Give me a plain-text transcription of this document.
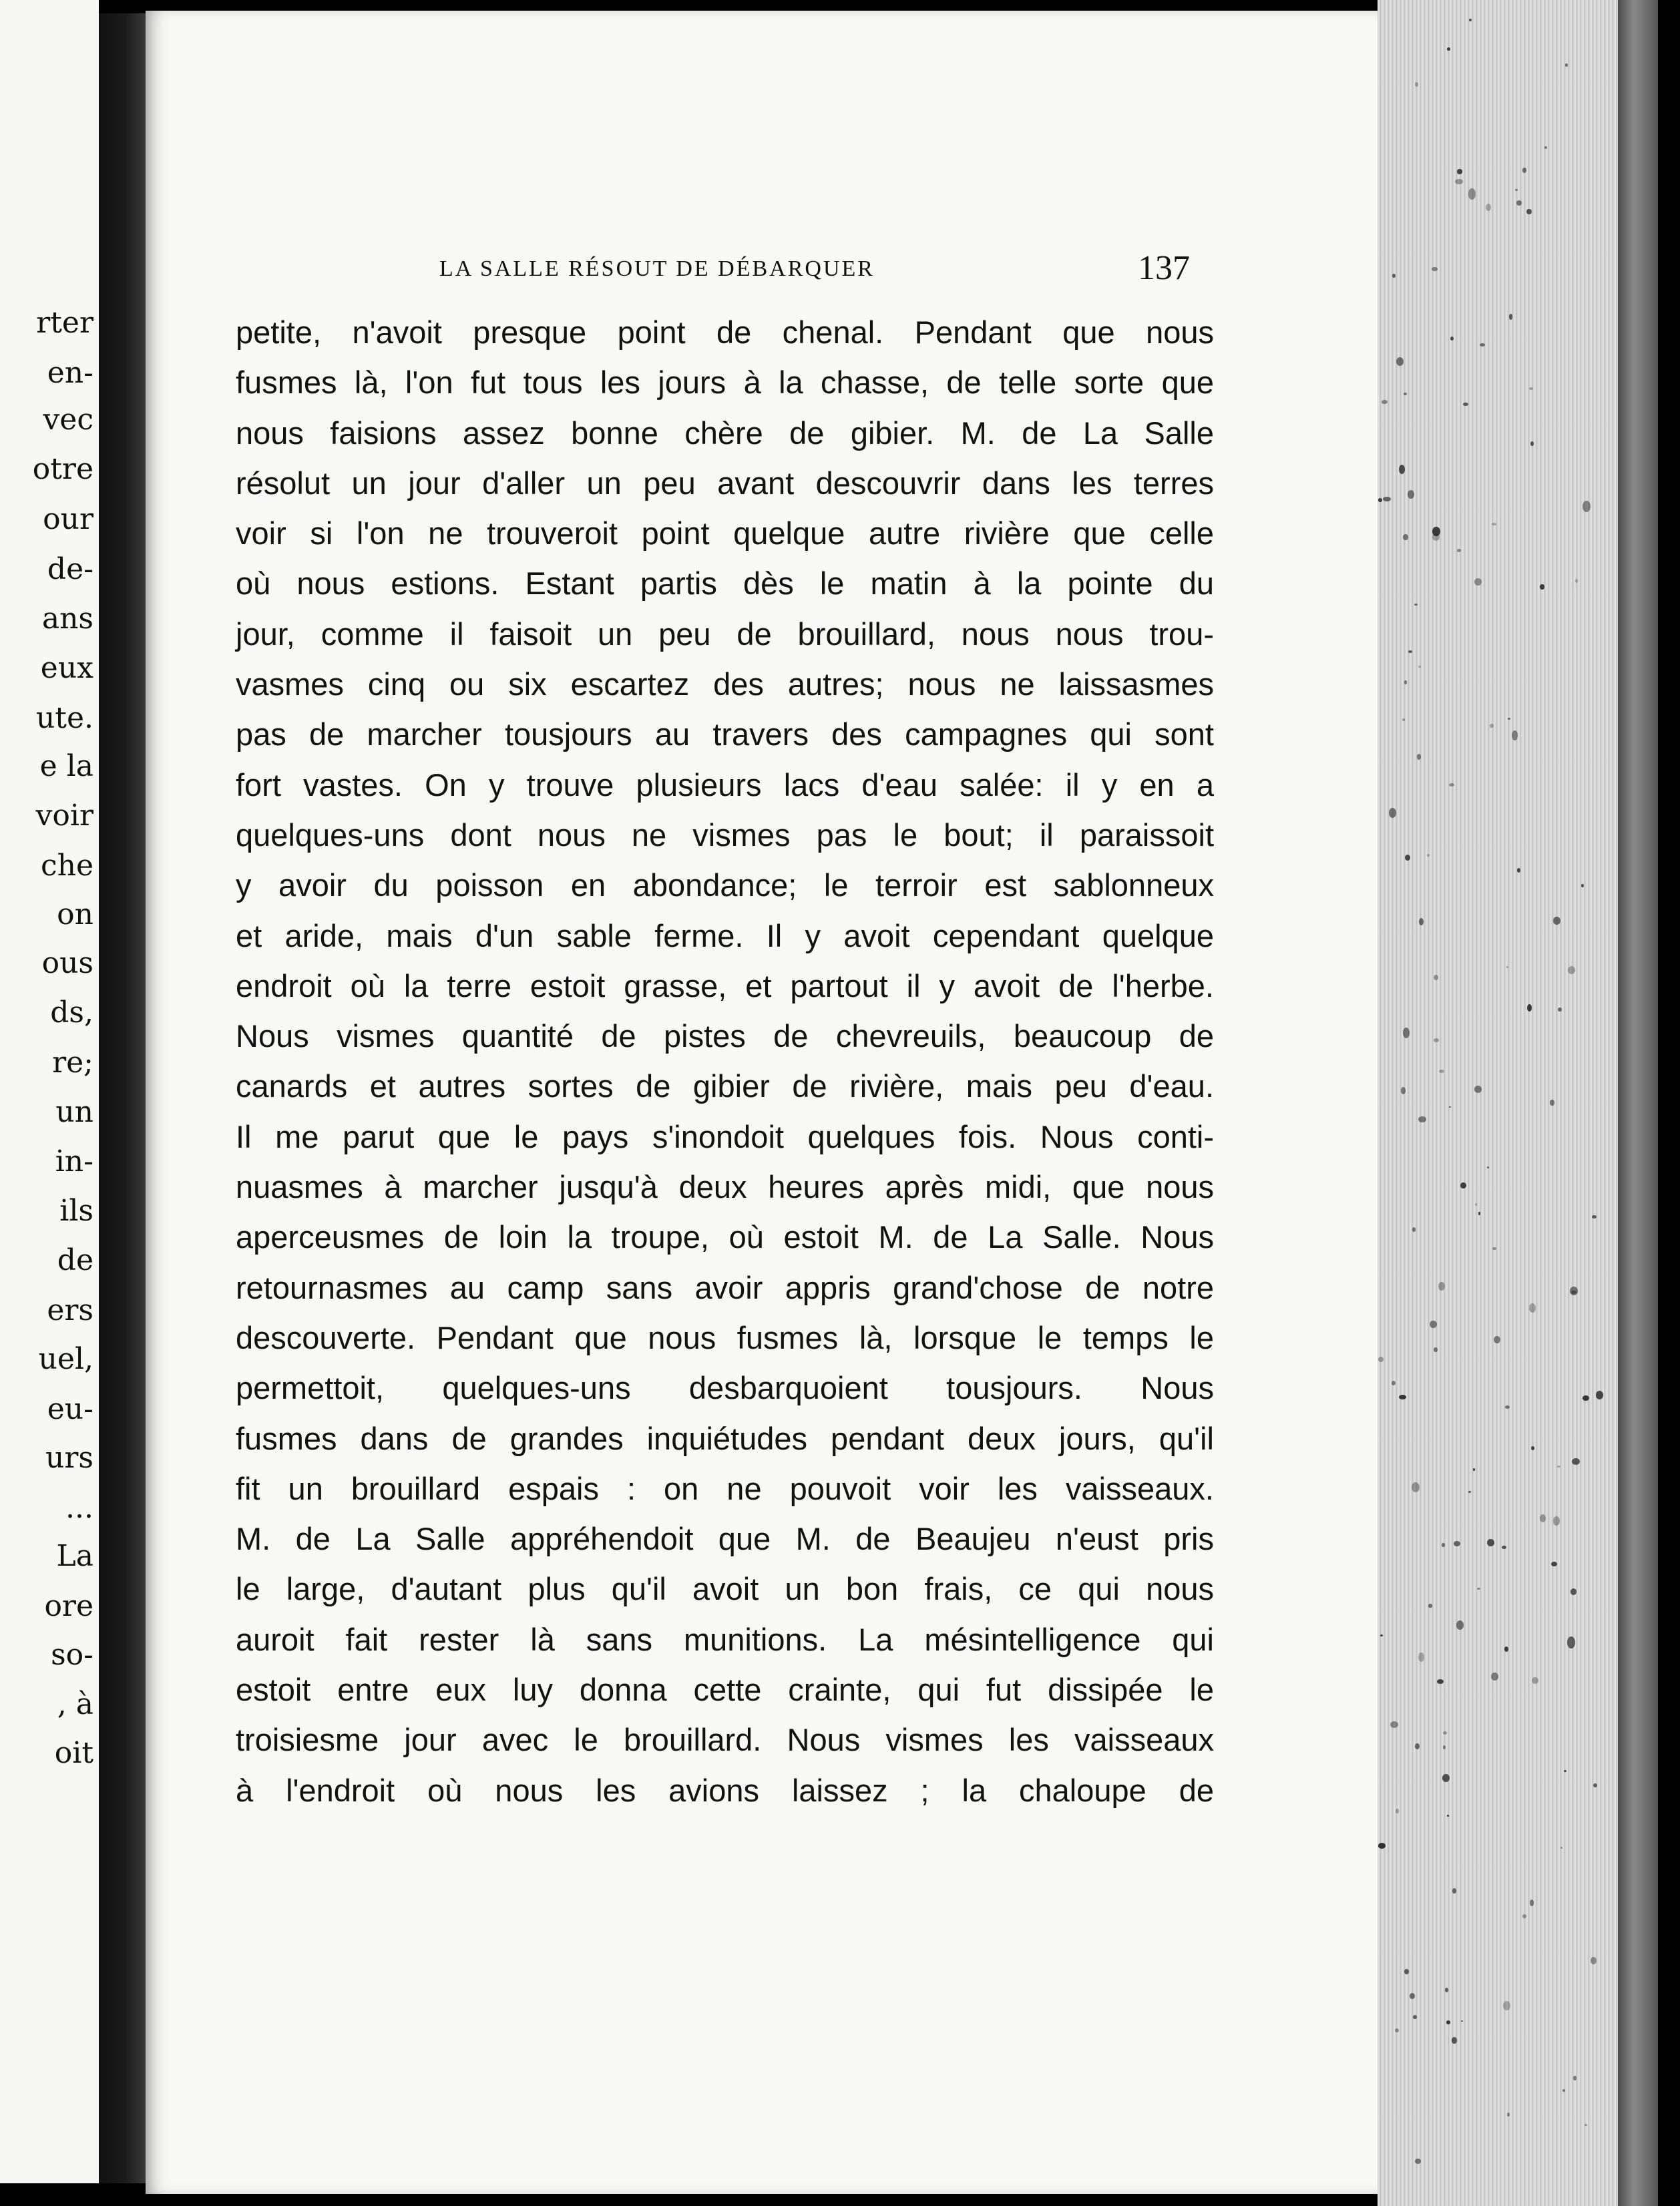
rter
en-
vec
otre
our
de-
ans
eux
ute.
e la
voir
che
on
ous
ds,
re;
un
in-
ils
de
ers
uel,
eu-
urs
...
La
ore
so-
, à
oit
LA SALLE RÉSOUT DE DÉBARQUER	137
petite, n'avoit presque point de chenal. Pendant que nous
fusmes là, l'on fut tous les jours à la chasse, de telle sorte que
nous faisions assez bonne chère de gibier. M. de La Salle
résolut un jour d'aller un peu avant descouvrir dans les terres
voir si l'on ne trouveroit point quelque autre rivière que celle
où nous estions. Estant partis dès le matin à la pointe du
jour, comme il faisoit un peu de brouillard, nous nous trou-
vasmes cinq ou six escartez des autres; nous ne laissasmes
pas de marcher tousjours au travers des campagnes qui sont
fort vastes. On y trouve plusieurs lacs d'eau salée: il y en a
quelques-uns dont nous ne vismes pas le bout; il paraissoit
y avoir du poisson en abondance; le terroir est sablonneux
et aride, mais d'un sable ferme. Il y avoit cependant quelque
endroit où la terre estoit grasse, et partout il y avoit de l'herbe.
Nous vismes quantité de pistes de chevreuils, beaucoup de
canards et autres sortes de gibier de rivière, mais peu d'eau.
Il me parut que le pays s'inondoit quelques fois. Nous conti-
nuasmes à marcher jusqu'à deux heures après midi, que nous
aperceusmes de loin la troupe, où estoit M. de La Salle. Nous
retournasmes au camp sans avoir appris grand'chose de notre
descouverte. Pendant que nous fusmes là, lorsque le temps le
permettoit, quelques-uns desbarquoient tousjours. Nous
fusmes dans de grandes inquiétudes pendant deux jours, qu'il
fit un brouillard espais : on ne pouvoit voir les vaisseaux.
M. de La Salle appréhendoit que M. de Beaujeu n'eust pris
le large, d'autant plus qu'il avoit un bon frais, ce qui nous
auroit fait rester là sans munitions. La mésintelligence qui
estoit entre eux luy donna cette crainte, qui fut dissipée le
troisiesme jour avec le brouillard. Nous vismes les vaisseaux
à l'endroit où nous les avions laissez ; la chaloupe de
